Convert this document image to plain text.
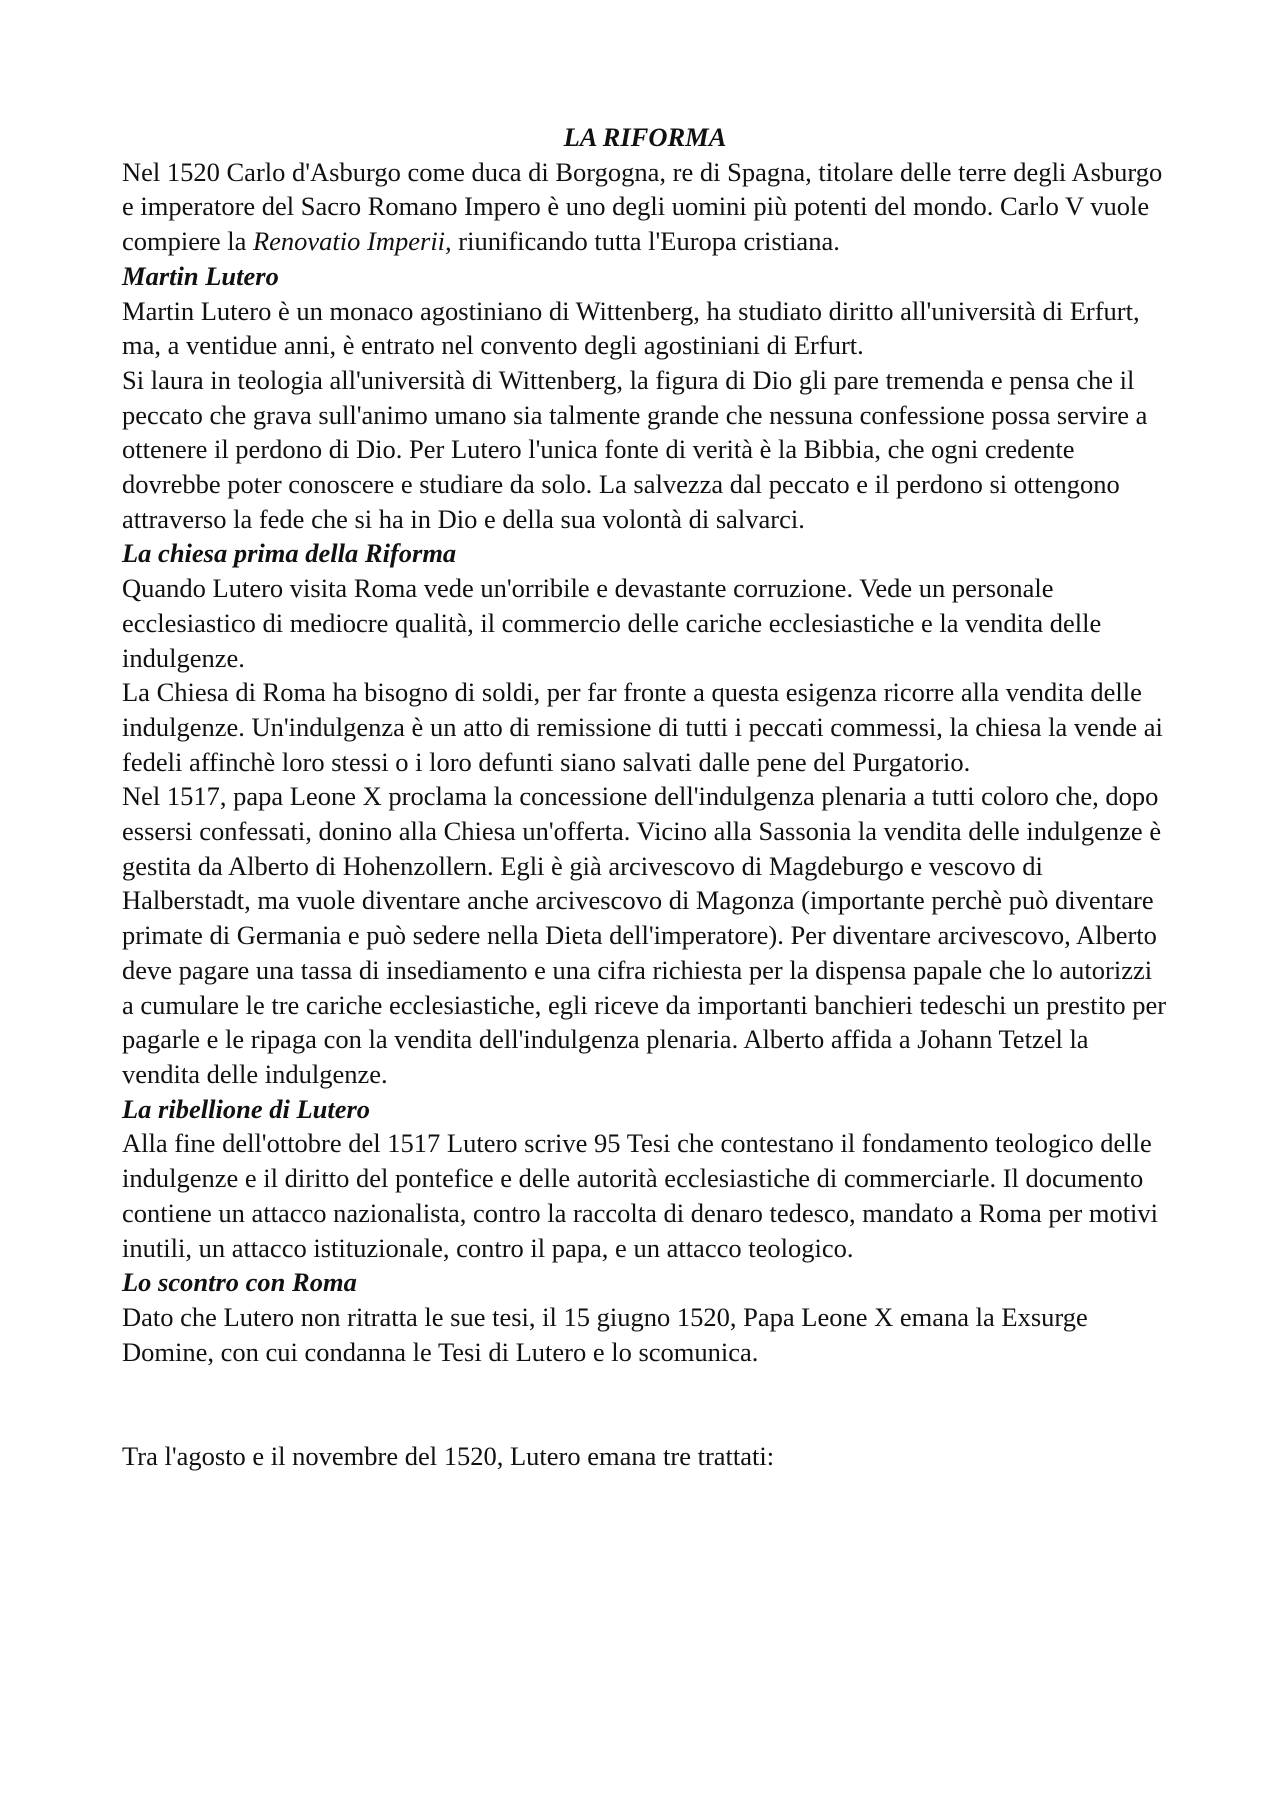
LA RIFORMA

Nel 1520 Carlo d'Asburgo come duca di Borgogna, re di Spagna, titolare delle terre degli Asburgo e imperatore del Sacro Romano Impero è uno degli uomini più potenti del mondo. Carlo V vuole compiere la Renovatio Imperii, riunificando tutta l'Europa cristiana.

Martin Lutero

Martin Lutero è un monaco agostiniano di Wittenberg, ha studiato diritto all'università di Erfurt, ma, a ventidue anni, è entrato nel convento degli agostiniani di Erfurt.

Si laura in teologia all'università di Wittenberg, la figura di Dio gli pare tremenda e pensa che il peccato che grava sull'animo umano sia talmente grande che nessuna confessione possa servire a ottenere il perdono di Dio. Per Lutero l'unica fonte di verità è la Bibbia, che ogni credente dovrebbe poter conoscere e studiare da solo. La salvezza dal peccato e il perdono si ottengono attraverso la fede che si ha in Dio e della sua volontà di salvarci.

La chiesa prima della Riforma

Quando Lutero visita Roma vede un'orribile e devastante corruzione. Vede un personale ecclesiastico di mediocre qualità, il commercio delle cariche ecclesiastiche e la vendita delle indulgenze.

La Chiesa di Roma ha bisogno di soldi, per far fronte a questa esigenza ricorre alla vendita delle indulgenze. Un'indulgenza è un atto di remissione di tutti i peccati commessi, la chiesa la vende ai fedeli affinchè loro stessi o i loro defunti siano salvati dalle pene del Purgatorio.

Nel 1517, papa Leone X proclama la concessione dell'indulgenza plenaria a tutti coloro che, dopo essersi confessati, donino alla Chiesa un'offerta. Vicino alla Sassonia la vendita delle indulgenze è gestita da Alberto di Hohenzollern. Egli è già arcivescovo di Magdeburgo e vescovo di Halberstadt, ma vuole diventare anche arcivescovo di Magonza (importante perchè può diventare primate di Germania e può sedere nella Dieta dell'imperatore). Per diventare arcivescovo, Alberto deve pagare una tassa di insediamento e una cifra richiesta per la dispensa papale che lo autorizzi a cumulare le tre cariche ecclesiastiche, egli riceve da importanti banchieri tedeschi un prestito per pagarle e le ripaga con la vendita dell'indulgenza plenaria. Alberto affida a Johann Tetzel la vendita delle indulgenze.

La ribellione di Lutero

Alla fine dell'ottobre del 1517 Lutero scrive 95 Tesi che contestano il fondamento teologico delle indulgenze e il diritto del pontefice e delle autorità ecclesiastiche di commerciarle. Il documento contiene un attacco nazionalista, contro la raccolta di denaro tedesco, mandato a Roma per motivi inutili, un attacco istituzionale, contro il papa, e un attacco teologico.

Lo scontro con Roma

Dato che Lutero non ritratta le sue tesi, il 15 giugno 1520, Papa Leone X emana la Exsurge Domine, con cui condanna le Tesi di Lutero e lo scomunica.

Tra l'agosto e il novembre del 1520, Lutero emana tre trattati:
